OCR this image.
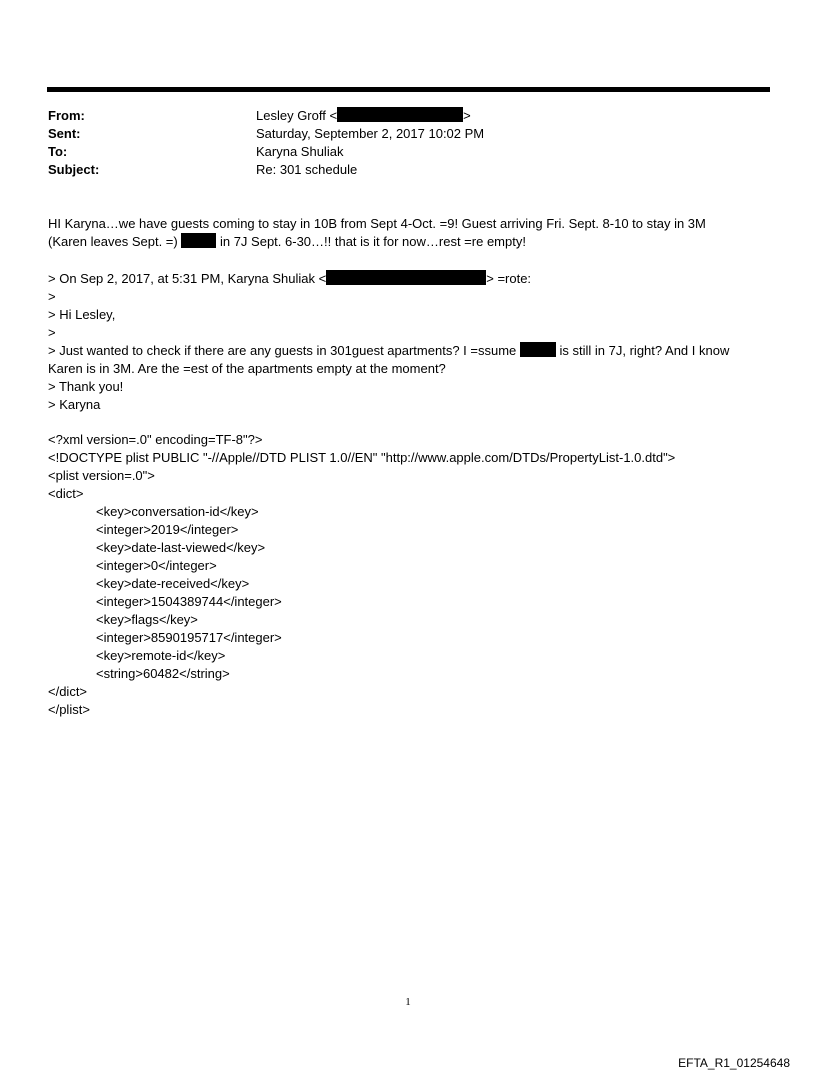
From:	Lesley Groff <	>
Sent:	Saturday, September 2, 2017 10:02 PM
To:	Karyna Shuliak
Subject:	Re: 301 schedule
HI Karyna…we have guests coming to stay in 10B from Sept 4-Oct. =9! Guest arriving Fri. Sept. 8-10 to stay in 3M
(Karen leaves Sept. =)	in 7J Sept. 6-30…!! that is it for now…rest =re empty!
> On Sep 2, 2017, at 5:31 PM, Karyna Shuliak <	> =rote:
>
> Hi Lesley,
>
> Just wanted to check if there are any guests in 301guest apartments? I =ssume	is still in 7J, right? And I know
Karen is in 3M. Are the =est of the apartments empty at the moment?
> Thank you!
> Karyna
<?xml version=.0" encoding=TF-8"?>
<!DOCTYPE plist PUBLIC "-//Apple//DTD PLIST 1.0//EN" "http://www.apple.com/DTDs/PropertyList-1.0.dtd">
<plist version=.0">
<dict>
<key>conversation-id</key>
<integer>2019</integer>
<key>date-last-viewed</key>
<integer>0</integer>
<key>date-received</key>
<integer>1504389744</integer>
<key>flags</key>
<integer>8590195717</integer>
<key>remote-id</key>
<string>60482</string>
</dict>
</plist>
1
EFTA_R1_01254648
